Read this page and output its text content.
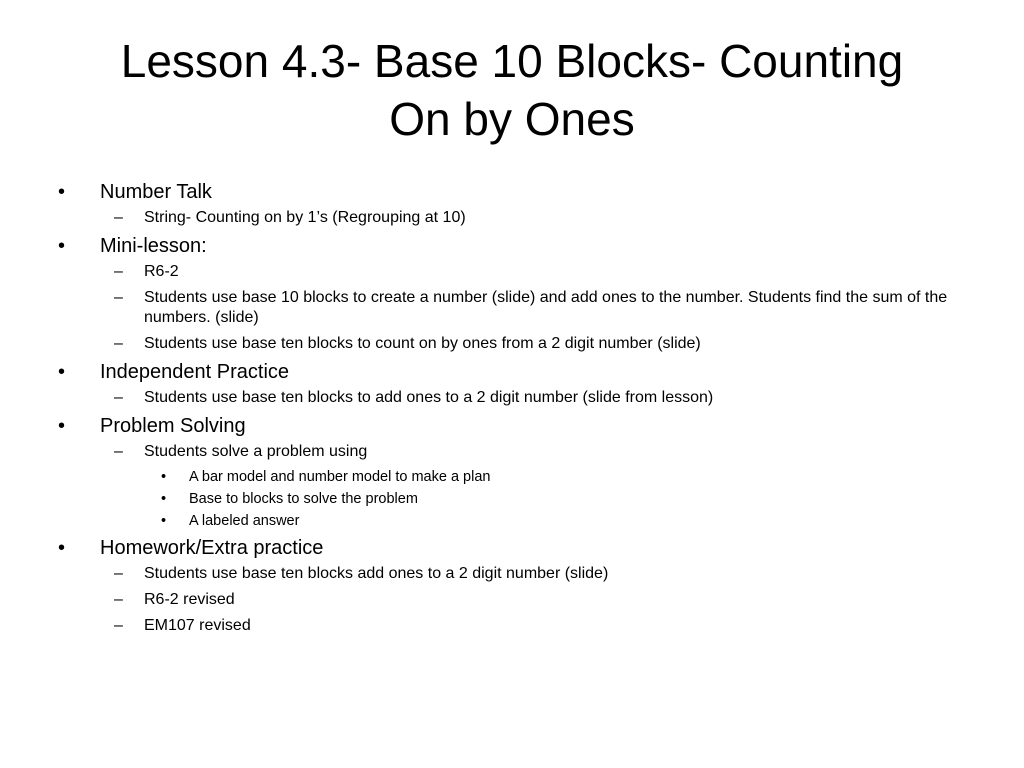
Lesson 4.3- Base 10 Blocks- Counting
On by Ones
•	Number Talk
– String- Counting on by 1’s (Regrouping at 10)
•	Mini-lesson:
– R6-2
– Students use base 10 blocks to create a number (slide) and add ones to the number. Students find the sum of the numbers. (slide)
– Students use base ten blocks to count on by ones from a 2 digit number (slide)
•	Independent Practice
– Students use base ten blocks to add ones to a 2 digit number (slide from lesson)
•	Problem Solving
– Students solve a problem using
• A bar model and number model to make a plan
• Base to blocks to solve the problem
• A labeled answer
•	Homework/Extra practice
– Students use base ten blocks add ones to a 2 digit number (slide)
– R6-2 revised
– EM107 revised
